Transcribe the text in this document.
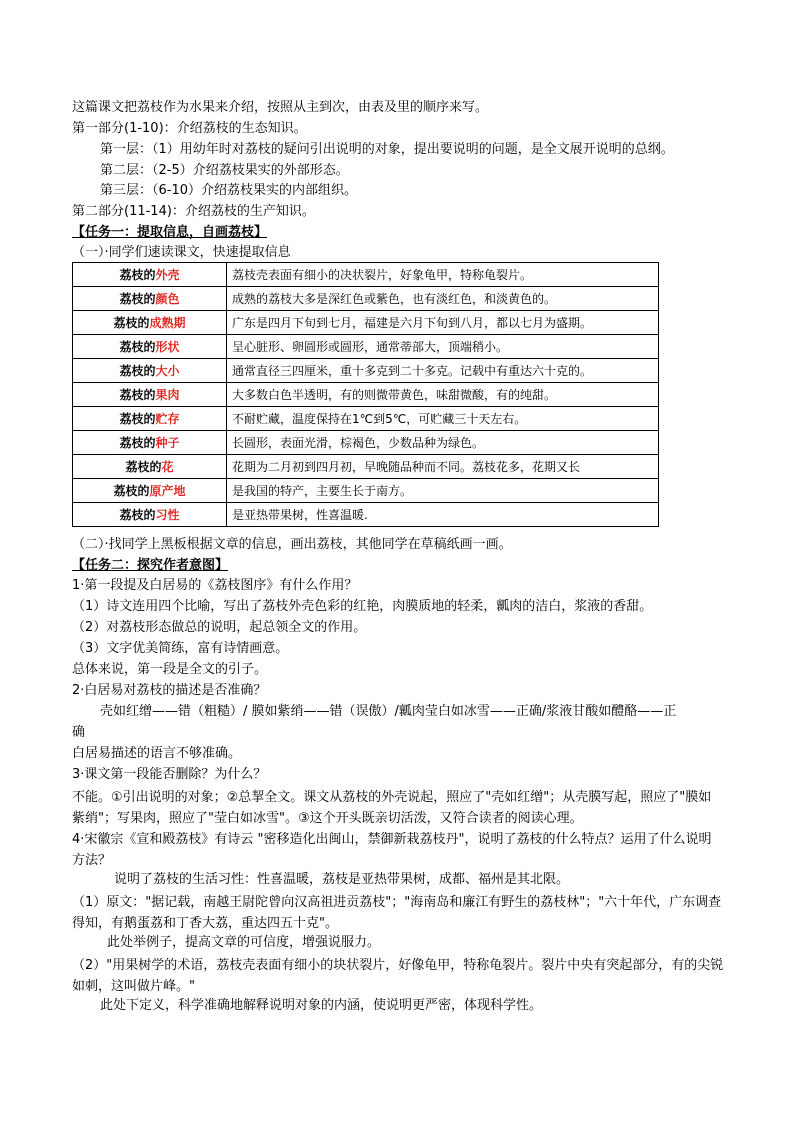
这篇课文把荔枝作为水果来介绍，按照从主到次，由表及里的顺序来写。
第一部分(1-10)：介绍荔枝的生态知识。
第一层：（1）用幼年时对荔枝的疑问引出说明的对象，提出要说明的问题，是全文展开说明的总纲。
第二层：（2-5）介绍荔枝果实的外部形态。
第三层：（6-10）介绍荔枝果实的内部组织。
第二部分(11-14)：介绍荔枝的生产知识。
【任务一：提取信息，自画荔枝】
（一）·同学们速读课文，快速提取信息
荔枝的外壳	荔枝壳表面有细小的决状裂片，好象龟甲，特称龟裂片。
荔枝的颜色	成熟的荔枝大多是深红色或紫色，也有淡红色，和淡黄色的。
荔枝的成熟期	广东是四月下旬到七月，福建是六月下旬到八月，都以七月为盛期。
荔枝的形状	呈心脏形、卵圆形或圆形，通常蒂部大，顶端稍小。
荔枝的大小	通常直径三四厘米，重十多克到二十多克。记载中有重达六十克的。
荔枝的果肉	大多数白色半透明，有的则微带黄色，味甜微酸，有的纯甜。
荔枝的贮存	不耐贮藏，温度保持在1℃到5℃，可贮藏三十天左右。
荔枝的种子	长圆形，表面光滑，棕褐色，少数品种为绿色。
荔枝的花	花期为二月初到四月初，早晚随品种而不同。荔枝花多，花期又长
荔枝的原产地	是我国的特产，主要生长于南方。
荔枝的习性	是亚热带果树，性喜温暖.
（二）·找同学上黑板根据文章的信息，画出荔枝，其他同学在草稿纸画一画。
【任务二：探究作者意图】
1·第一段提及白居易的《荔枝图序》有什么作用？
（1）诗文连用四个比喻，写出了荔枝外壳色彩的红艳，肉膜质地的轻柔，瓤肉的洁白，浆液的香甜。
（2）对荔枝形态做总的说明，起总领全文的作用。
（3）文字优美简练，富有诗情画意。
总体来说，第一段是全文的引子。
2·白居易对荔枝的描述是否准确？
壳如红缯——错（粗糙）/ 膜如紫绡——错（误傲）/瓤肉莹白如冰雪——正确/浆液甘酸如醴酪——正
确
白居易描述的语言不够准确。
3·课文第一段能否删除？为什么？
不能。①引出说明的对象；②总挈全文。课文从荔枝的外壳说起，照应了"壳如红缯"；从壳膜写起，照应了"膜如紫绡"；写果肉，照应了"莹白如冰雪"。③这个开头既亲切活泼，又符合读者的阅读心理。
4·宋徽宗《宣和殿荔枝》有诗云 "密移造化出闽山，禁御新栽荔枝丹"，说明了荔枝的什么特点？运用了什么说明方法？
说明了荔枝的生活习性：性喜温暖，荔枝是亚热带果树，成都、福州是其北限。
（1）原文："据记载，南越王尉陀曾向汉高祖进贡荔枝"；"海南岛和廉江有野生的荔枝林"；"六十年代，广东调查得知，有鹅蛋荔和丁香大荔，重达四五十克"。
此处举例子，提高文章的可信度，增强说服力。
（2）"用果树学的术语，荔枝壳表面有细小的块状裂片，好像龟甲，特称龟裂片。裂片中央有突起部分，有的尖锐如刺，这叫做片峰。"
此处下定义，科学准确地解释说明对象的内涵，使说明更严密，体现科学性。
